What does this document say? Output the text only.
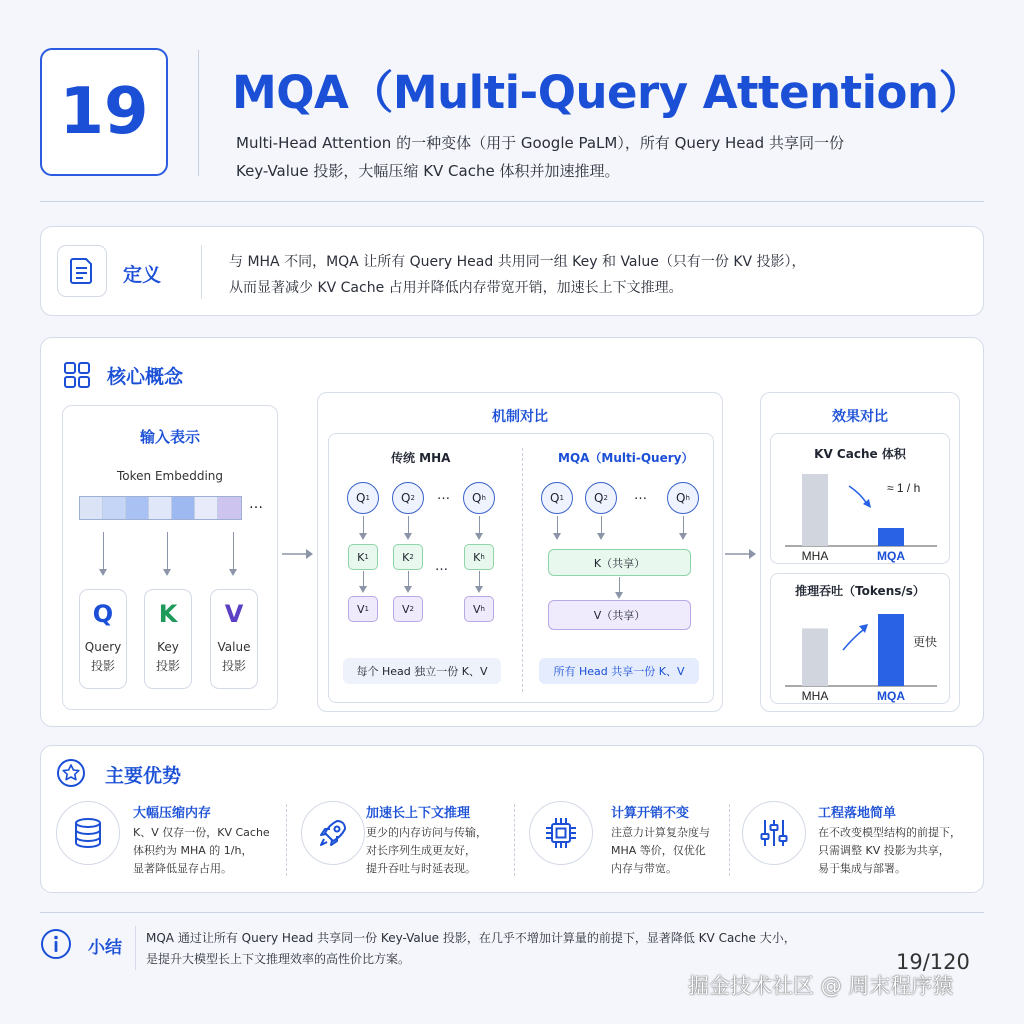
19 MQA（Multi-Query Attention）
Multi-Head Attention 的一种变体（用于 Google PaLM），所有 Query Head 共享同一份
Key-Value 投影，大幅压缩 KV Cache 体积并加速推理。
定义
与 MHA 不同，MQA 让所有 Query Head 共用同一组 Key 和 Value（只有一份 KV 投影），
从而显著减少 KV Cache 占用并降低内存带宽开销，加速长上下文推理。
核心概念
输入表示
Token Embedding
…
Q
Query
投影
K
Key
投影
V
Value
投影
机制对比
传统 MHA
Q 1	Q 2 … Q h
K 1	K 2
…
K h
V 1	V 2	V h
每个 Head 独立一份 K、V
MQA（Multi-Query）
Q 1	Q 2 … Q h
K（共享）
V（共享）
所有 Head 共享一份 K、V
效果对比
KV Cache 体积
MHA	MQA
≈ 1 / h
推理吞吐（Tokens/s）
MHA	MQA
更快
主要优势
大幅压缩内存
K、V 仅存一份，KV Cache
体积约为 MHA 的 1/h，
显著降低显存占用。
加速长上下文推理
更少的内存访问与传输，
对长序列生成更友好，
提升吞吐与时延表现。
计算开销不变
注意力计算复杂度与
MHA 等价，仅优化
内存与带宽。
工程落地简单
在不改变模型结构的前提下，
只需调整 KV 投影为共享，
易于集成与部署。
小结 MQA 通过让所有 Query Head 共享同一份 Key-Value 投影，在几乎不增加计算量的前提下，显著降低 KV Cache 大小，
是提升大模型长上下文推理效率的高性价比方案。	19/120
掘金技术社区 @ 周末程序猿
